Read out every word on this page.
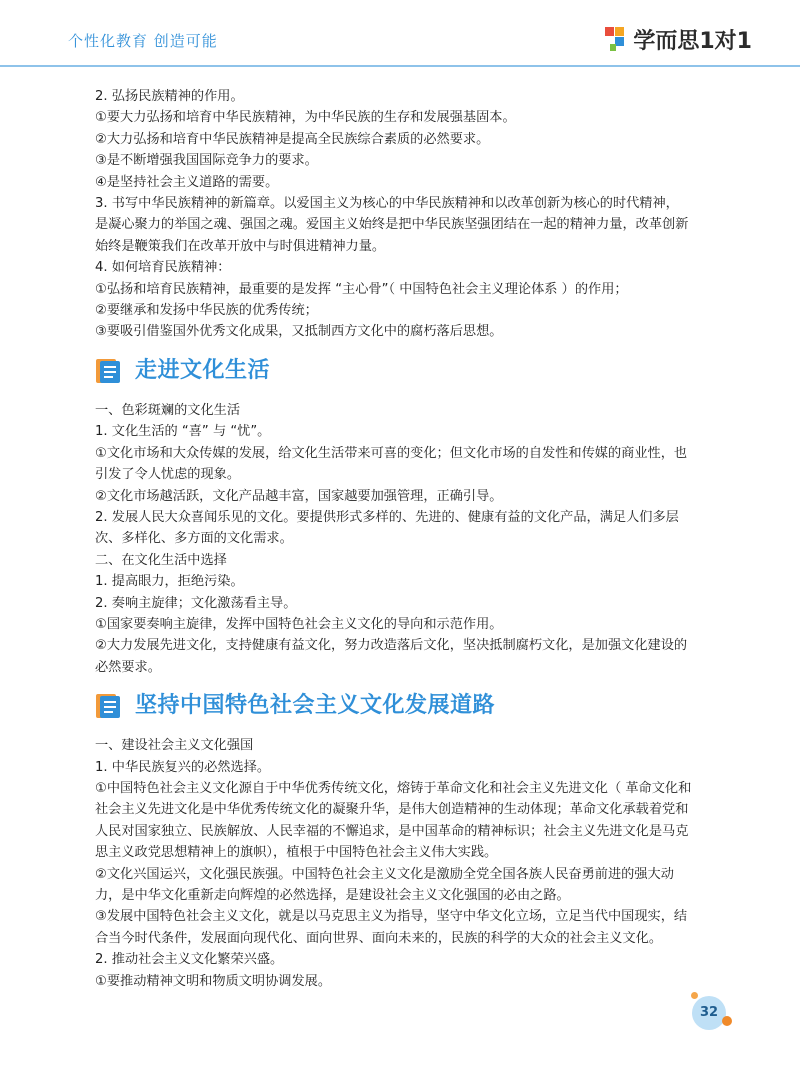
个性化教育 创造可能	学而思1对1

2. 弘扬民族精神的作用。

①要大力弘扬和培育中华民族精神，为中华民族的生存和发展强基固本。

②大力弘扬和培育中华民族精神是提高全民族综合素质的必然要求。

③是不断增强我国国际竞争力的要求。

④是坚持社会主义道路的需要。

3. 书写中华民族精神的新篇章。以爱国主义为核心的中华民族精神和以改革创新为核心的时代精神，

是凝心聚力的举国之魂、强国之魂。爱国主义始终是把中华民族坚强团结在一起的精神力量，改革创新

始终是鞭策我们在改革开放中与时俱进精神力量。

4. 如何培育民族精神：

①弘扬和培育民族精神，最重要的是发挥 “主心骨”（ 中国特色社会主义理论体系 ）的作用；

②要继承和发扬中华民族的优秀传统；

③要吸引借鉴国外优秀文化成果，又抵制西方文化中的腐朽落后思想。

走进文化生活

一、色彩斑斓的文化生活

1. 文化生活的 “喜” 与 “忧”。

①文化市场和大众传媒的发展，给文化生活带来可喜的变化；但文化市场的自发性和传媒的商业性，也

引发了令人忧虑的现象。

②文化市场越活跃，文化产品越丰富，国家越要加强管理，正确引导。

2. 发展人民大众喜闻乐见的文化。要提供形式多样的、先进的、健康有益的文化产品，满足人们多层

次、多样化、多方面的文化需求。

二、在文化生活中选择

1. 提高眼力，拒绝污染。

2. 奏响主旋律；文化激荡看主导。

①国家要奏响主旋律，发挥中国特色社会主义文化的导向和示范作用。

②大力发展先进文化，支持健康有益文化，努力改造落后文化，坚决抵制腐朽文化，是加强文化建设的

必然要求。

坚持中国特色社会主义文化发展道路

一、建设社会主义文化强国

1. 中华民族复兴的必然选择。

①中国特色社会主义文化源自于中华优秀传统文化，熔铸于革命文化和社会主义先进文化（ 革命文化和

社会主义先进文化是中华优秀传统文化的凝聚升华，是伟大创造精神的生动体现；革命文化承载着党和

人民对国家独立、民族解放、人民幸福的不懈追求，是中国革命的精神标识；社会主义先进文化是马克

思主义政党思想精神上的旗帜），植根于中国特色社会主义伟大实践。

②文化兴国运兴，文化强民族强。中国特色社会主义文化是激励全党全国各族人民奋勇前进的强大动

力，是中华文化重新走向辉煌的必然选择，是建设社会主义文化强国的必由之路。

③发展中国特色社会主义文化，就是以马克思主义为指导，坚守中华文化立场，立足当代中国现实，结

合当今时代条件，发展面向现代化、面向世界、面向未来的，民族的科学的大众的社会主义文化。

2. 推动社会主义文化繁荣兴盛。

①要推动精神文明和物质文明协调发展。

32
